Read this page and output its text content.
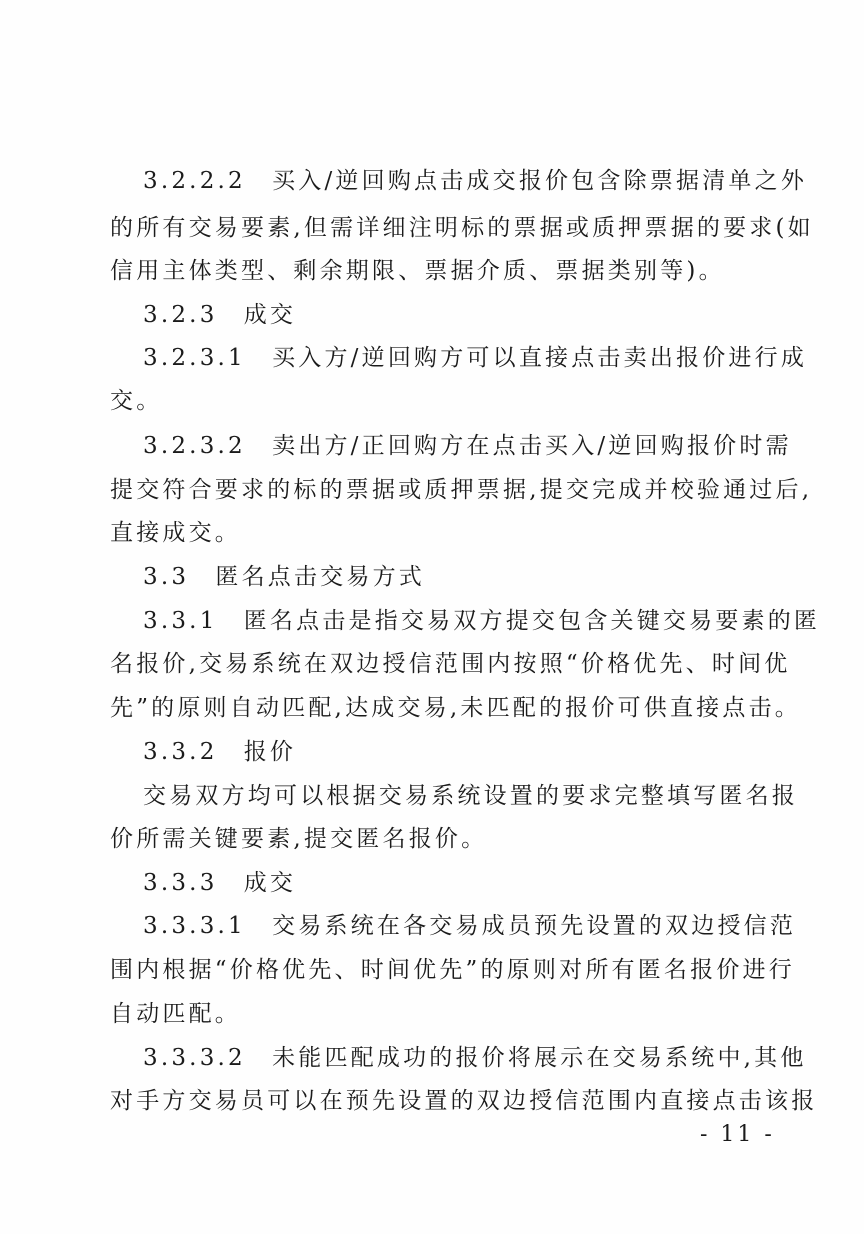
3.2.2.2　买入/逆回购点击成交报价包含除票据清单之外
的所有交易要素,但需详细注明标的票据或质押票据的要求(如
信用主体类型、剩余期限、票据介质、票据类别等)。
3.2.3　成交
3.2.3.1　买入方/逆回购方可以直接点击卖出报价进行成
交。
3.2.3.2　卖出方/正回购方在点击买入/逆回购报价时需
提交符合要求的标的票据或质押票据,提交完成并校验通过后,
直接成交。
3.3　匿名点击交易方式
3.3.1　匿名点击是指交易双方提交包含关键交易要素的匿
名报价,交易系统在双边授信范围内按照“价格优先、时间优
先”的原则自动匹配,达成交易,未匹配的报价可供直接点击。
3.3.2　报价
交易双方均可以根据交易系统设置的要求完整填写匿名报
价所需关键要素,提交匿名报价。
3.3.3　成交
3.3.3.1　交易系统在各交易成员预先设置的双边授信范
围内根据“价格优先、时间优先”的原则对所有匿名报价进行
自动匹配。
3.3.3.2　未能匹配成功的报价将展示在交易系统中,其他
对手方交易员可以在预先设置的双边授信范围内直接点击该报
- 11 -
